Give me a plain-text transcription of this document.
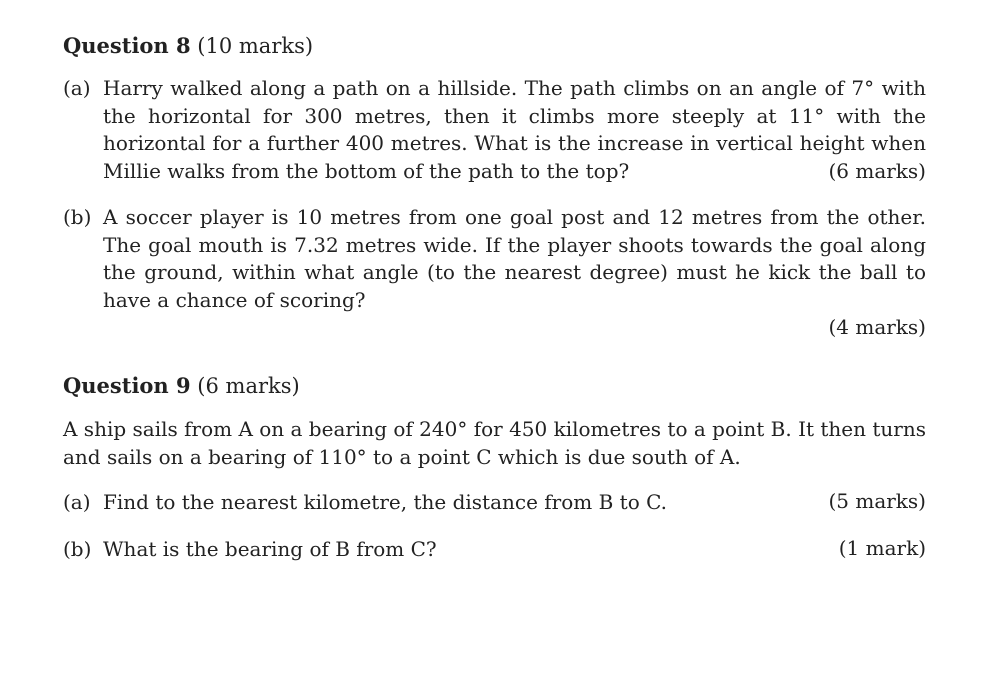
Question 8 (10 marks)
(a) Harry walked along a path on a hillside. The path climbs on an angle of 7° with the horizontal for 300 metres, then it climbs more steeply at 11° with the horizontal for a further 400 metres. What is the increase in vertical height when Millie walks from the bottom of the path to the top?	(6 marks)
(b) A soccer player is 10 metres from one goal post and 12 metres from the other. The goal mouth is 7.32 metres wide. If the player shoots towards the goal along the ground, within what angle (to the nearest degree) must he kick the ball to have a chance of scoring?
(4 marks)
Question 9 (6 marks)
A ship sails from A on a bearing of 240° for 450 kilometres to a point B. It then turns and sails on a bearing of 110° to a point C which is due south of A.
(a) Find to the nearest kilometre, the distance from B to C.	(5 marks)
(b) What is the bearing of B from C?	(1 mark)
